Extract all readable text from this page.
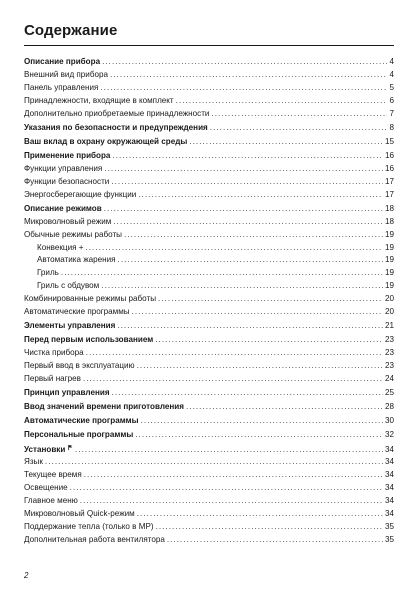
Содержание
Описание прибора . . .	4
Внешний вид прибора . . .	4
Панель управления . . .	5
Принадлежности, входящие в комплект . . .	6
Дополнительно приобретаемые принадлежности . . .	7
Указания по безопасности и предупреждения . . .	8
Ваш вклад в охрану окружающей среды . . .	15
Применение прибора . . .	16
Функции управления . . .	16
Функции безопасности . . .	17
Энергосберегающие функции . . .	17
Описание режимов . . .	18
Микроволновый режим . . .	18
Обычные режимы работы . . .	19
Конвекция + . . .	19
Автоматика жарения . . .	19
Гриль . . .	19
Гриль с обдувом . . .	19
Комбинированные режимы работы . . .	20
Автоматические программы . . .	20
Элементы управления . . .	21
Перед первым использованием . . .	23
Чистка прибора . . .	23
Первый ввод в эксплуатацию . . .	23
Первый нагрев . . .	24
Принцип управления . . .	25
Ввод значений времени приготовления . . .	28
Автоматические программы . . .	30
Персональные программы . . .	32
Установки . . .	34
Язык . . .	34
Текущее время . . .	34
Освещение . . .	34
Главное меню . . .	34
Микроволновый Quick-режим . . .	34
Поддержание тепла (только в МР) . . .	35
Дополнительная работа вентилятора . . .	35
2
